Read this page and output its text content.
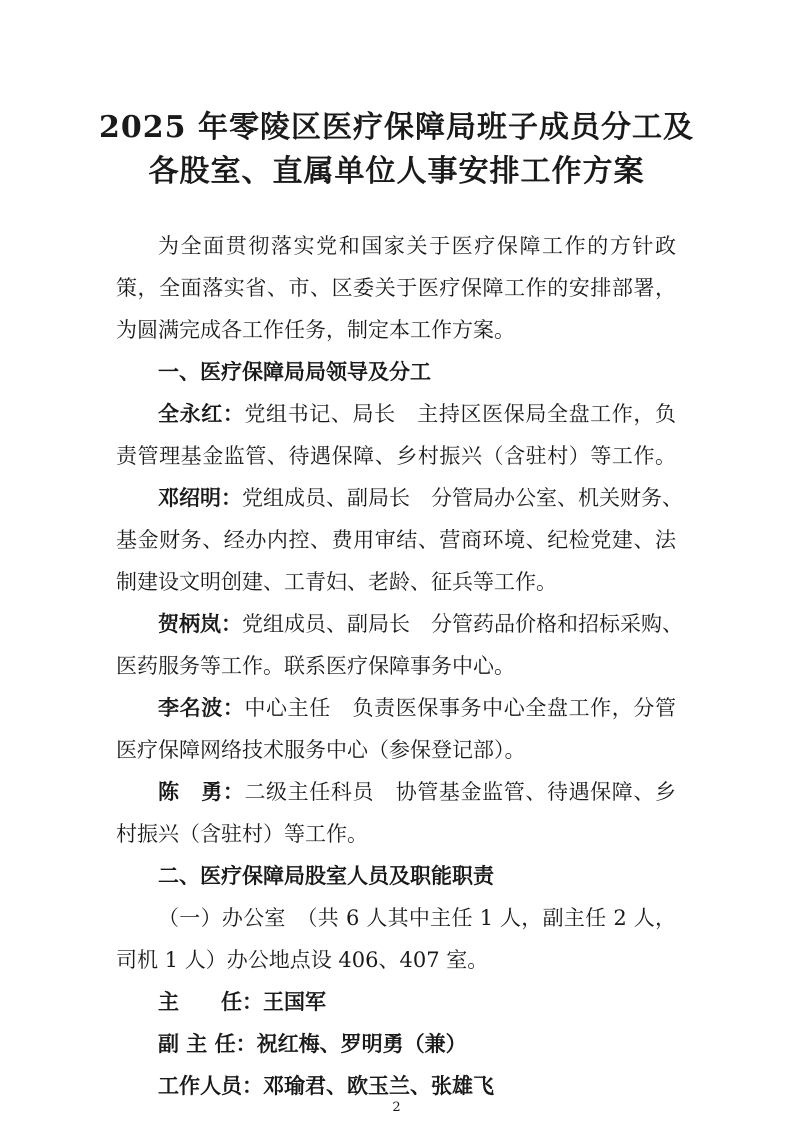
2025 年零陵区医疗保障局班子成员分工及
各股室、直属单位人事安排工作方案
为全面贯彻落实党和国家关于医疗保障工作的方针政
策，全面落实省、市、区委关于医疗保障工作的安排部署，
为圆满完成各工作任务，制定本工作方案。
一、医疗保障局局领导及分工
全永红：党组书记、局长　主持区医保局全盘工作，负
责管理基金监管、待遇保障、乡村振兴（含驻村）等工作。
邓绍明：党组成员、副局长　分管局办公室、机关财务、
基金财务、经办内控、费用审结、营商环境、纪检党建、法
制建设文明创建、工青妇、老龄、征兵等工作。
贺柄岚：党组成员、副局长　分管药品价格和招标采购、
医药服务等工作。联系医疗保障事务中心。
李名波：中心主任　负责医保事务中心全盘工作，分管
医疗保障网络技术服务中心（参保登记部）。
陈　勇：二级主任科员　协管基金监管、待遇保障、乡
村振兴（含驻村）等工作。
二、医疗保障局股室人员及职能职责
（一）办公室　（共 6 人其中主任 1 人，副主任 2 人，
司机 1 人）办公地点设 406、407 室。
主　　任：王国军
副 主 任：祝红梅、罗明勇（兼）
工作人员：邓瑜君、欧玉兰、张雄飞
2
